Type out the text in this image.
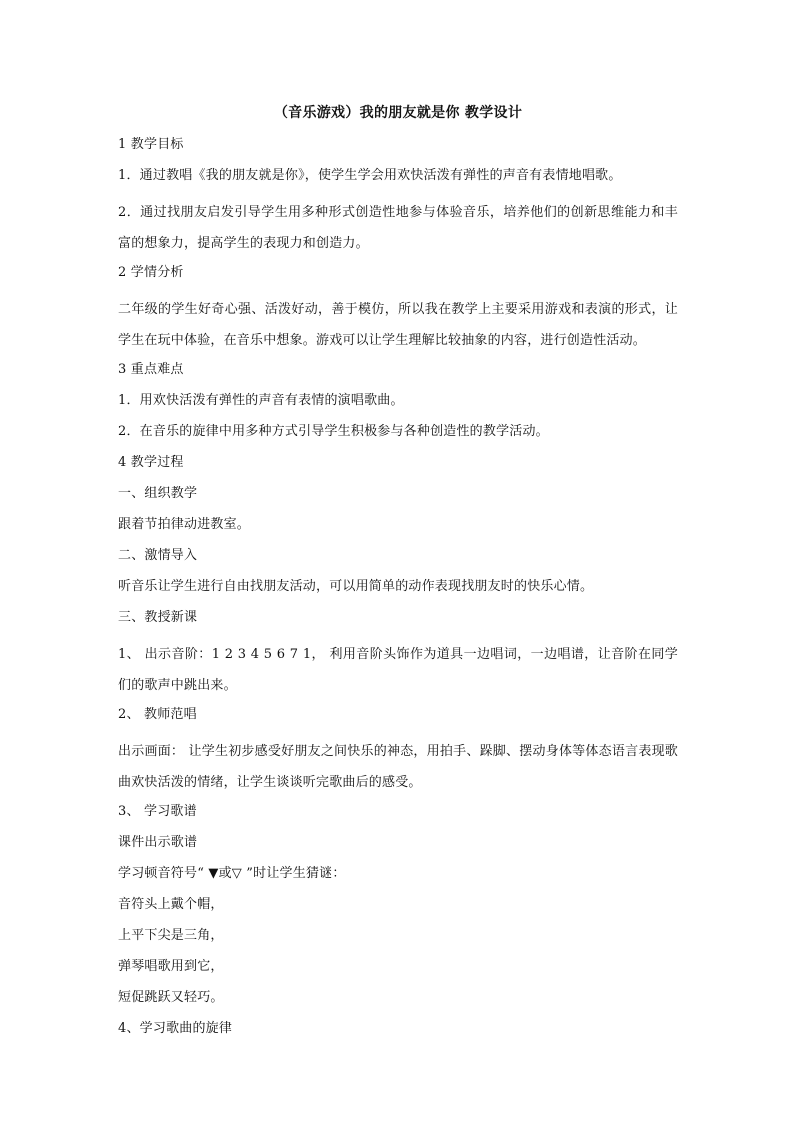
（音乐游戏）我的朋友就是你 教学设计
1 教学目标
1．通过教唱《我的朋友就是你》，使学生学会用欢快活泼有弹性的声音有表情地唱歌。
2．通过找朋友启发引导学生用多种形式创造性地参与体验音乐，培养他们的创新思维能力和丰富的想象力，提高学生的表现力和创造力。
2 学情分析
二年级的学生好奇心强、活泼好动，善于模仿，所以我在教学上主要采用游戏和表演的形式，让学生在玩中体验，在音乐中想象。游戏可以让学生理解比较抽象的内容，进行创造性活动。
3 重点难点
1．用欢快活泼有弹性的声音有表情的演唱歌曲。
2．在音乐的旋律中用多种方式引导学生积极参与各种创造性的教学活动。
4 教学过程
一、组织教学
跟着节拍律动进教室。
二、激情导入
听音乐让学生进行自由找朋友活动，可以用简单的动作表现找朋友时的快乐心情。
三、教授新课
1、 出示音阶：1 2 3 4 5 6 7 1， 利用音阶头饰作为道具一边唱词，一边唱谱，让音阶在同学们的歌声中跳出来。
2、 教师范唱
出示画面： 让学生初步感受好朋友之间快乐的神态，用拍手、跺脚、摆动身体等体态语言表现歌曲欢快活泼的情绪，让学生谈谈听完歌曲后的感受。
3、 学习歌谱
课件出示歌谱
学习顿音符号“ ▼或▽ ”时让学生猜谜：
音符头上戴个帽，
上平下尖是三角，
弹琴唱歌用到它，
短促跳跃又轻巧。
4、学习歌曲的旋律
